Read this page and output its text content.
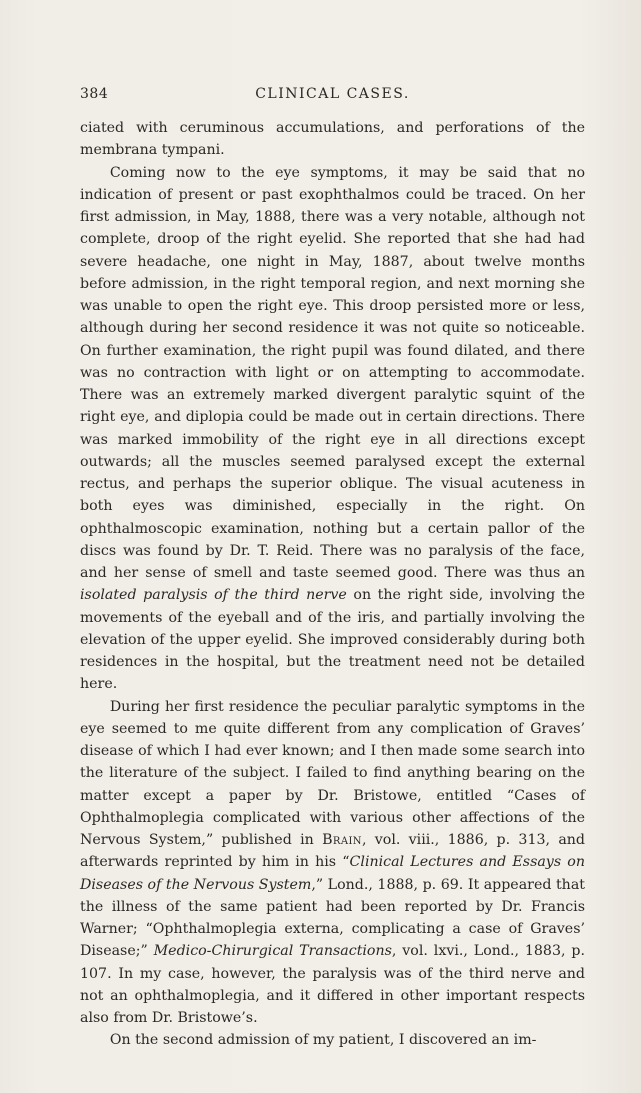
384	CLINICAL CASES.

ciated with ceruminous accumulations, and perforations of the membrana tympani.

Coming now to the eye symptoms, it may be said that no indication of present or past exophthalmos could be traced. On her first admission, in May, 1888, there was a very notable, although not complete, droop of the right eyelid. She reported that she had had severe headache, one night in May, 1887, about twelve months before admission, in the right temporal region, and next morning she was unable to open the right eye. This droop persisted more or less, although during her second residence it was not quite so noticeable. On further examination, the right pupil was found dilated, and there was no contraction with light or on attempting to accommodate. There was an extremely marked divergent paralytic squint of the right eye, and diplopia could be made out in certain directions. There was marked immobility of the right eye in all directions except outwards; all the muscles seemed paralysed except the external rectus, and perhaps the superior oblique. The visual acuteness in both eyes was diminished, especially in the right. On ophthalmoscopic examination, nothing but a certain pallor of the discs was found by Dr. T. Reid. There was no paralysis of the face, and her sense of smell and taste seemed good. There was thus an isolated paralysis of the third nerve on the right side, involving the movements of the eyeball and of the iris, and partially involving the elevation of the upper eyelid. She improved considerably during both residences in the hospital, but the treatment need not be detailed here.

During her first residence the peculiar paralytic symptoms in the eye seemed to me quite different from any complication of Graves’ disease of which I had ever known; and I then made some search into the literature of the subject. I failed to find anything bearing on the matter except a paper by Dr. Bristowe, entitled “Cases of Ophthalmoplegia complicated with various other affections of the Nervous System,” published in Brain, vol. viii., 1886, p. 313, and afterwards reprinted by him in his “Clinical Lectures and Essays on Diseases of the Nervous System,” Lond., 1888, p. 69. It appeared that the illness of the same patient had been reported by Dr. Francis Warner; “Ophthalmoplegia externa, complicating a case of Graves’ Disease;” Medico-Chirurgical Transactions, vol. lxvi., Lond., 1883, p. 107. In my case, however, the paralysis was of the third nerve and not an ophthalmoplegia, and it differed in other important respects also from Dr. Bristowe’s.

On the second admission of my patient, I discovered an im-
